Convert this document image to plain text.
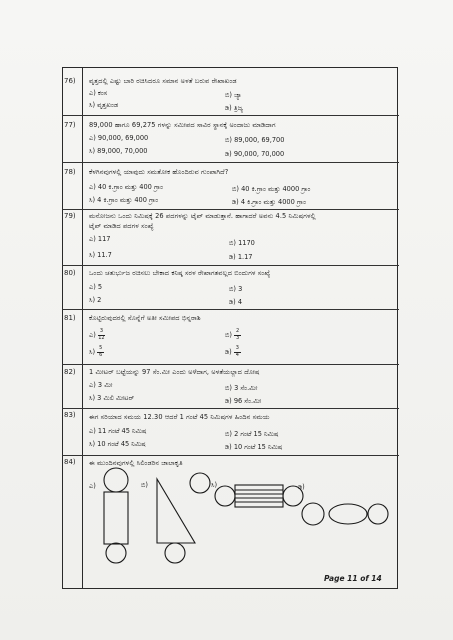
76) ವೃತ್ತದಲ್ಲಿ ಎಷ್ಟು ಬಾರಿ ರಚಿಸಿದರೂ ಸಮಾನ ಅಳತೆ ಬರುವ ರೇಖಾಖಂಡ
ಎ) ಕಂಸ	ಬಿ) ಜ್ಯಾ
ಸಿ) ವೃತ್ತಖಂಡ	ಡಿ) ತ್ರಿಜ್ಯ
77) 89,000 ಹಾಗೂ 69,275 ಗಳನ್ನು ಸಮೀಪದ ಸಾವಿರ ಸ್ಥಾನಕ್ಕೆ ಅಂದಾಜು ಮಾಡಿದಾಗ
ಎ) 90,000, 69,000	ಬಿ) 89,000, 69,700
ಸಿ) 89,000, 70,000	ಡಿ) 90,000, 70,000
78) ಕೆಳಗಿನವುಗಳಲ್ಲಿ ಯಾವುದು ಸಮತೋಕ ಹೊಂದಿರುವ ಗುಂಪಾಗಿದೆ?
ಎ) 40 ಕಿ.ಗ್ರಾಂ ಮತ್ತು 400 ಗ್ರಾಂ	ಬಿ) 40 ಕಿ.ಗ್ರಾಂ ಮತ್ತು 4000 ಗ್ರಾಂ
ಸಿ) 4 ಕಿ.ಗ್ರಾಂ ಮತ್ತು 400 ಗ್ರಾಂ	ಡಿ) 4 ಕಿ.ಗ್ರಾಂ ಮತ್ತು 4000 ಗ್ರಾಂ
79) ಮನೋಜನು ಒಂದು ನಿಮಿಷಕ್ಕೆ 26 ಪದಗಳನ್ನು ಟೈಪ್ ಮಾಡುತ್ತಾನೆ. ಹಾಗಾದರೆ ಅವನು 4.5 ನಿಮಿಷಗಳಲ್ಲಿ
ಟೈಪ್ ಮಾಡಿದ ಪದಗಳ ಸಂಖ್ಯೆ
ಎ) 117	ಬಿ) 1170
ಸಿ) 11.7	ಡಿ) 1.17
80) ಒಂದು ಚತುರ್ಭುಜ ರಚಿಸಲು ಬೇಕಾದ ಕನಿಷ್ಠ ಸರಳ ರೇಖಾಗತವಲ್ಲದ ಬಿಂದುಗಳ ಸಂಖ್ಯೆ
ಎ) 5	ಬಿ) 3
ಸಿ) 2	ಡಿ) 4
81) ಕೊಟ್ಟಿರುವುದರಲ್ಲಿ ಸೊನ್ನೆಗೆ ಅತೀ ಸಮೀಪದ ಭಿನ್ನರಾಶಿ
ಎ) $\frac{3}{12}$	ಬಿ) $\frac{2}{3}$
ಸಿ) $\frac{5}{6}$	ಡಿ) $\frac{3}{4}$
82) 1 ಮೀಟರ್ ಬಟ್ಟೆಯನ್ನು 97 ಸೆಂ.ಮೀ ಎಂದು ಅಳೆದಾಗ, ಅಳತೆಯಲ್ಲಾದ ದೋಷ
ಎ) 3 ಮೀ	ಬಿ) 3 ಸೆಂ.ಮೀ
ಸಿ) 3 ಮಿಲಿ ಮೀಟರ್	ಡಿ) 96 ಸೆಂ.ಮೀ
83) ಈಗ ಸರಿಯಾದ ಸಮಯ 12.30 ಆದರೆ 1 ಗಂಟೆ 45 ನಿಮಿಷಗಳ ಹಿಂದಿನ ಸಮಯ
ಎ) 11 ಗಂಟೆ 45 ನಿಮಿಷ	ಬಿ) 2 ಗಂಟೆ 15 ನಿಮಿಷ
ಸಿ) 10 ಗಂಟೆ 45 ನಿಮಿಷ	ಡಿ) 10 ಗಂಟೆ 15 ನಿಮಿಷ
84) ಈ ಮುಂದಿನವುಗಳಲ್ಲಿ ಸಿಲಿಂಡರಿನ ಜಾಲಾಕೃತಿ
ಎ)	ಬಿ)	ಸಿ)	ಡಿ)
Page 11 of 14
